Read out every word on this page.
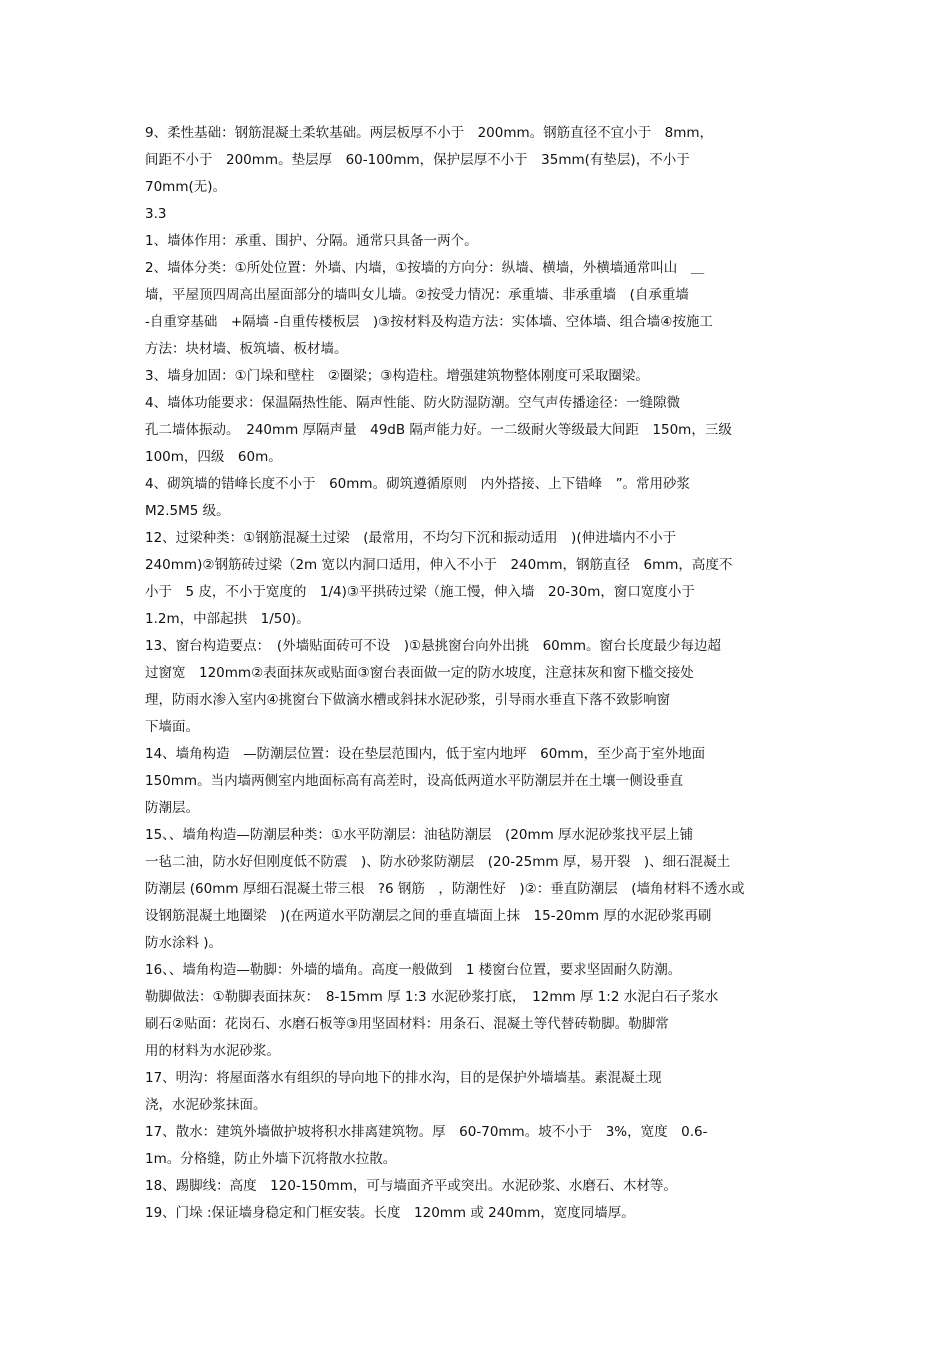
9、柔性基础：钢筋混凝土柔软基础。两层板厚不小于　200mm。钢筋直径不宜小于　8mm，

间距不小于　200mm。垫层厚　60-100mm，保护层厚不小于　35mm(有垫层)，不小于

70mm(无)。

3.3

1、墙体作用：承重、围护、分隔。通常只具备一两个。

2、墙体分类：①所处位置：外墙、内墙，①按墙的方向分：纵墙、横墙，外横墙通常叫山　＿

墙，平屋顶四周高出屋面部分的墙叫女儿墙。②按受力情况：承重墙、非承重墙　(自承重墙

-自重穿基础　+隔墙 -自重传楼板层　)③按材料及构造方法：实体墙、空体墙、组合墙④按施工

方法：块材墙、板筑墙、板材墙。

3、墙身加固：①门垛和壁柱　②圈梁；③构造柱。增强建筑物整体刚度可采取圈梁。

4、墙体功能要求：保温隔热性能、隔声性能、防火防湿防潮。空气声传播途径：一缝隙微

孔二墙体振动。　240mm 厚隔声量　49dB 隔声能力好。一二级耐火等级最大间距　150m，三级

100m，四级　60m。

4、砌筑墙的错峰长度不小于　60mm。砌筑遵循原则　内外搭接、上下错峰　”。常用砂浆

M2.5M5 级。

12、过梁种类：①钢筋混凝土过梁　(最常用，不均匀下沉和振动适用　)(伸进墙内不小于

240mm)②钢筋砖过梁（2m 宽以内洞口适用，伸入不小于　240mm，钢筋直径　6mm，高度不

小于　5 皮，不小于宽度的　1/4)③平拱砖过梁（施工慢，伸入墙　20-30m，窗口宽度小于

1.2m，中部起拱　1/50)。

13、窗台构造要点：　(外墙贴面砖可不设　)①悬挑窗台向外出挑　60mm。窗台长度最少每边超

过窗宽　120mm②表面抹灰或贴面③窗台表面做一定的防水坡度，注意抹灰和窗下槛交接处

理，防雨水渗入室内④挑窗台下做滴水槽或斜抹水泥砂浆，引导雨水垂直下落不致影响窗

下墙面。

14、墙角构造　—防潮层位置：设在垫层范围内，低于室内地坪　60mm，至少高于室外地面

150mm。当内墙两侧室内地面标高有高差时，设高低两道水平防潮层并在土壤一侧设垂直

防潮层。

15、、墙角构造—防潮层种类：①水平防潮层：油毡防潮层　(20mm 厚水泥砂浆找平层上铺

一毡二油，防水好但刚度低不防震　)、防水砂浆防潮层　(20-25mm 厚，易开裂　)、细石混凝土

防潮层 (60mm 厚细石混凝土带三根　?6 钢筋　，防潮性好　)②：垂直防潮层　(墙角材料不透水或

设钢筋混凝土地圈梁　)(在两道水平防潮层之间的垂直墙面上抹　15-20mm 厚的水泥砂浆再刷

防水涂料 )。

16、、墙角构造—勒脚：外墙的墙角。高度一般做到　1 楼窗台位置，要求坚固耐久防潮。

勒脚做法：①勒脚表面抹灰：　8-15mm 厚 1:3 水泥砂浆打底，　12mm 厚 1:2 水泥白石子浆水

刷石②贴面：花岗石、水磨石板等③用坚固材料：用条石、混凝土等代替砖勒脚。勒脚常

用的材料为水泥砂浆。

17、明沟：将屋面落水有组织的导向地下的排水沟，目的是保护外墙墙基。素混凝土现

浇，水泥砂浆抹面。

17、散水：建筑外墙做护坡将积水排离建筑物。厚　60-70mm。坡不小于　3%，宽度　0.6-

1m。分格缝，防止外墙下沉将散水拉散。

18、踢脚线：高度　120-150mm，可与墙面齐平或突出。水泥砂浆、水磨石、木材等。

19、门垛 :保证墙身稳定和门框安装。长度　120mm 或 240mm，宽度同墙厚。
